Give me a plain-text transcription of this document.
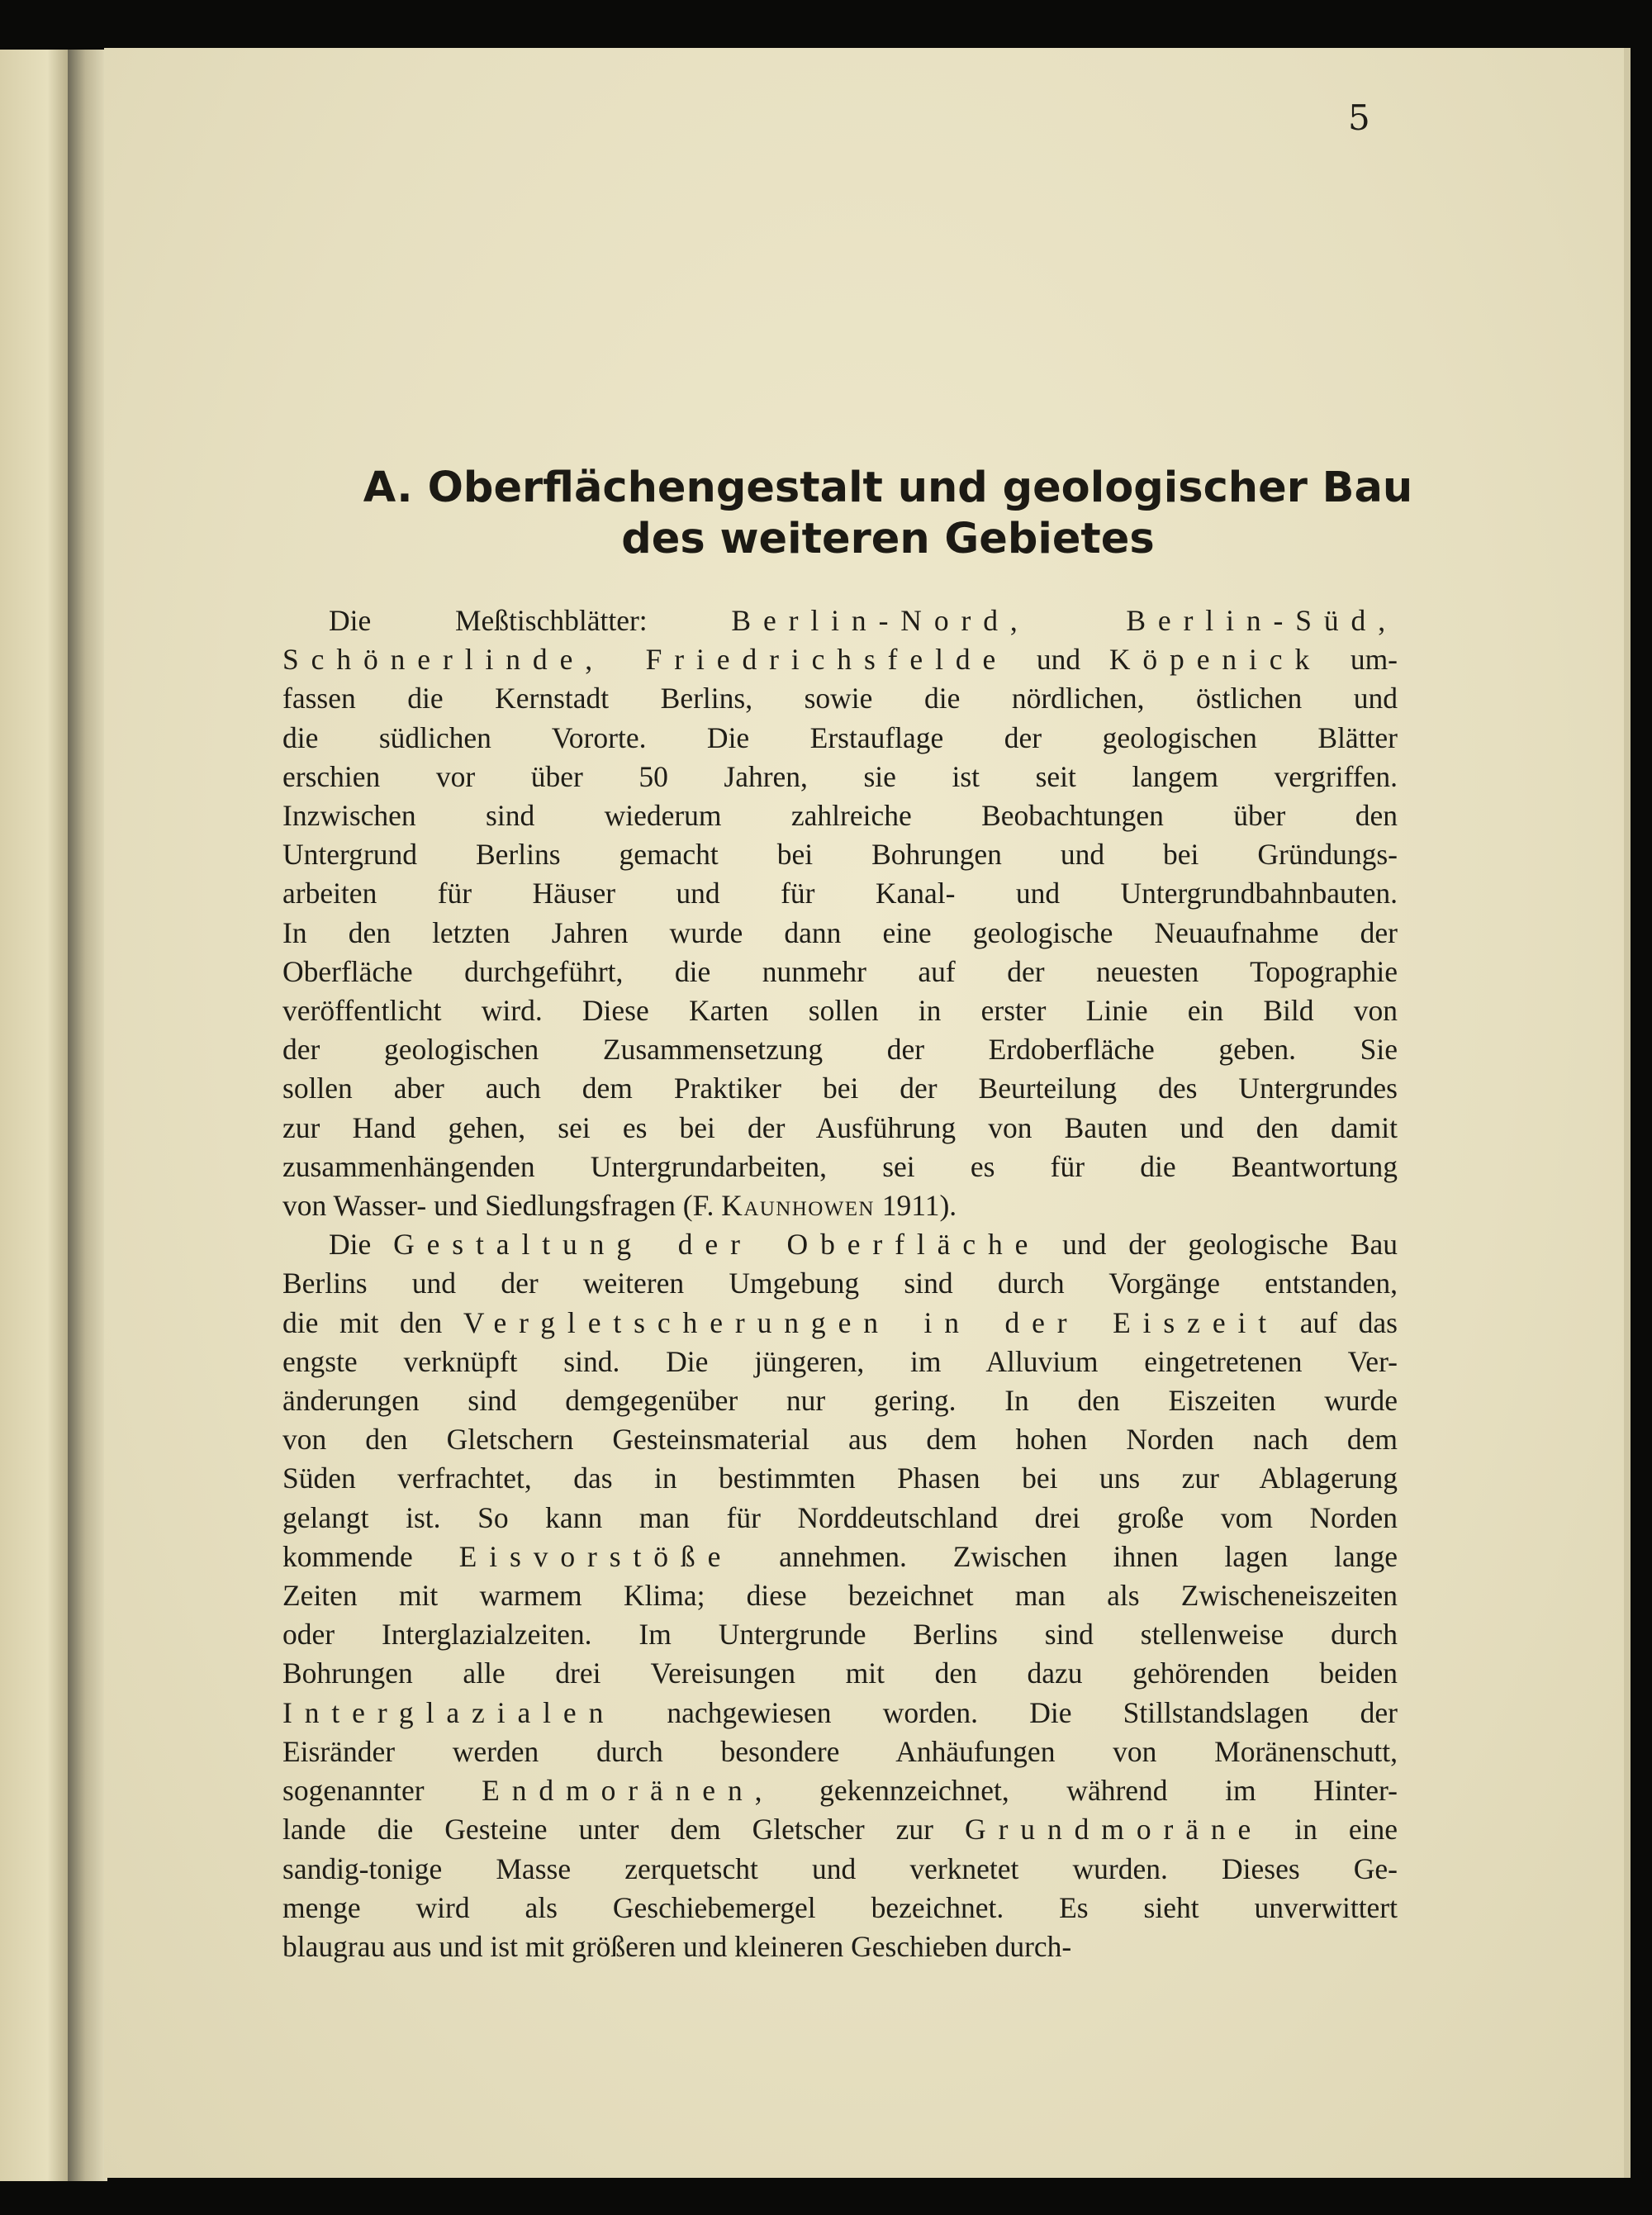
5
A. Oberflächengestalt und geologischer Bau
des weiteren Gebietes
Die Meßtischblätter: Berlin-Nord, Berlin-Süd,
Schönerlinde, Friedrichsfelde und Köpenick um-
fassen die Kernstadt Berlins, sowie die nördlichen, östlichen und
die südlichen Vororte. Die Erstauflage der geologischen Blätter
erschien vor über 50 Jahren, sie ist seit langem vergriffen.
Inzwischen sind wiederum zahlreiche Beobachtungen über den
Untergrund Berlins gemacht bei Bohrungen und bei Gründungs-
arbeiten für Häuser und für Kanal- und Untergrundbahnbauten.
In den letzten Jahren wurde dann eine geologische Neuaufnahme der
Oberfläche durchgeführt, die nunmehr auf der neuesten Topographie
veröffentlicht wird. Diese Karten sollen in erster Linie ein Bild von
der geologischen Zusammensetzung der Erdoberfläche geben. Sie
sollen aber auch dem Praktiker bei der Beurteilung des Untergrundes
zur Hand gehen, sei es bei der Ausführung von Bauten und den damit
zusammenhängenden Untergrundarbeiten, sei es für die Beantwortung
von Wasser- und Siedlungsfragen (F. Kaunhowen 1911).
Die Gestaltung der Oberfläche und der geologische Bau
Berlins und der weiteren Umgebung sind durch Vorgänge entstanden,
die mit den Vergletscherungen in der Eiszeit auf das
engste verknüpft sind. Die jüngeren, im Alluvium eingetretenen Ver-
änderungen sind demgegenüber nur gering. In den Eiszeiten wurde
von den Gletschern Gesteinsmaterial aus dem hohen Norden nach dem
Süden verfrachtet, das in bestimmten Phasen bei uns zur Ablagerung
gelangt ist. So kann man für Norddeutschland drei große vom Norden
kommende Eisvorstöße annehmen. Zwischen ihnen lagen lange
Zeiten mit warmem Klima; diese bezeichnet man als Zwischeneiszeiten
oder Interglazialzeiten. Im Untergrunde Berlins sind stellenweise durch
Bohrungen alle drei Vereisungen mit den dazu gehörenden beiden
Interglazialen nachgewiesen worden. Die Stillstandslagen der
Eisränder werden durch besondere Anhäufungen von Moränenschutt,
sogenannter Endmoränen, gekennzeichnet, während im Hinter-
lande die Gesteine unter dem Gletscher zur Grundmoräne in eine
sandig-tonige Masse zerquetscht und verknetet wurden. Dieses Ge-
menge wird als Geschiebemergel bezeichnet. Es sieht unverwittert
blaugrau aus und ist mit größeren und kleineren Geschieben durch-
